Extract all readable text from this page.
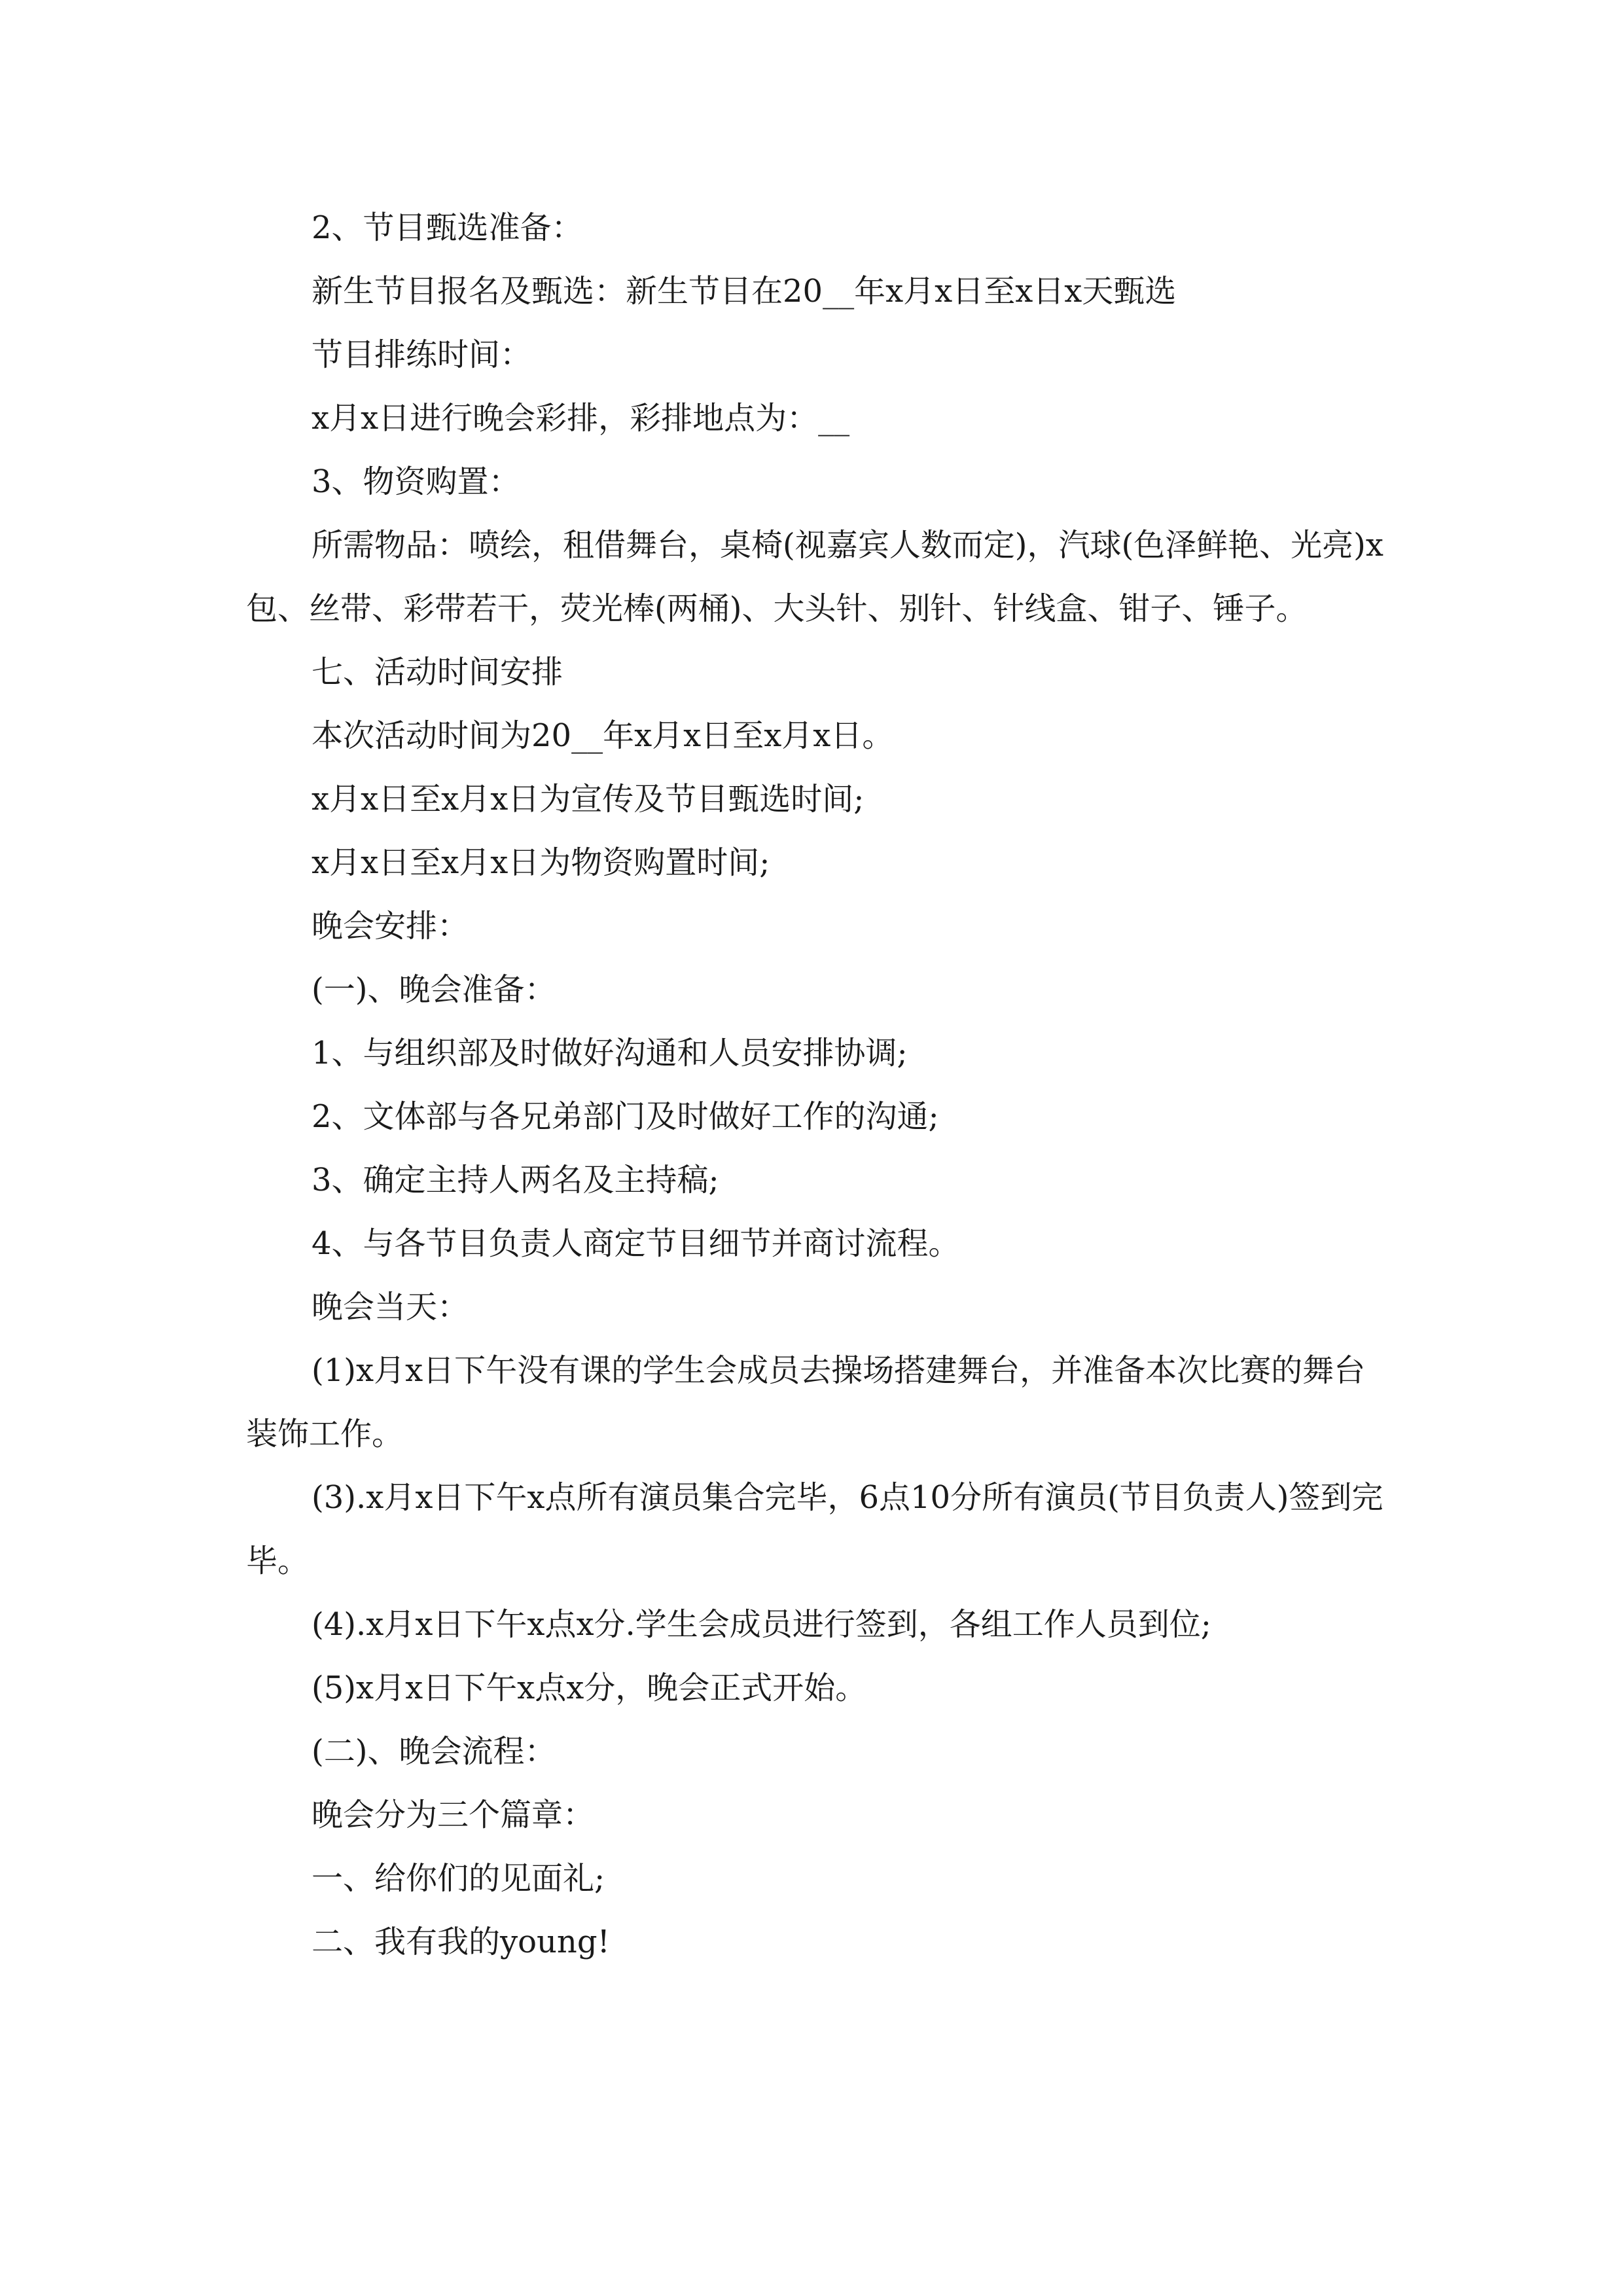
2、节目甄选准备：

新生节目报名及甄选：新生节目在20__年x月x日至x日x天甄选

节目排练时间：

x月x日进行晚会彩排，彩排地点为：__

3、物资购置：

所需物品：喷绘，租借舞台，桌椅(视嘉宾人数而定)，汽球(色泽鲜艳、光亮)x包、丝带、彩带若干，荧光棒(两桶)、大头针、别针、针线盒、钳子、锤子。

七、活动时间安排

本次活动时间为20__年x月x日至x月x日。

x月x日至x月x日为宣传及节目甄选时间;

x月x日至x月x日为物资购置时间;

晚会安排：

(一)、晚会准备：

1、与组织部及时做好沟通和人员安排协调;

2、文体部与各兄弟部门及时做好工作的沟通;

3、确定主持人两名及主持稿;

4、与各节目负责人商定节目细节并商讨流程。

晚会当天：

(1)x月x日下午没有课的学生会成员去操场搭建舞台，并准备本次比赛的舞台装饰工作。

(3).x月x日下午x点所有演员集合完毕，6点10分所有演员(节目负责人)签到完毕。

(4).x月x日下午x点x分.学生会成员进行签到，各组工作人员到位;

(5)x月x日下午x点x分，晚会正式开始。

(二)、晚会流程：

晚会分为三个篇章：

一、给你们的见面礼;

二、我有我的young!
